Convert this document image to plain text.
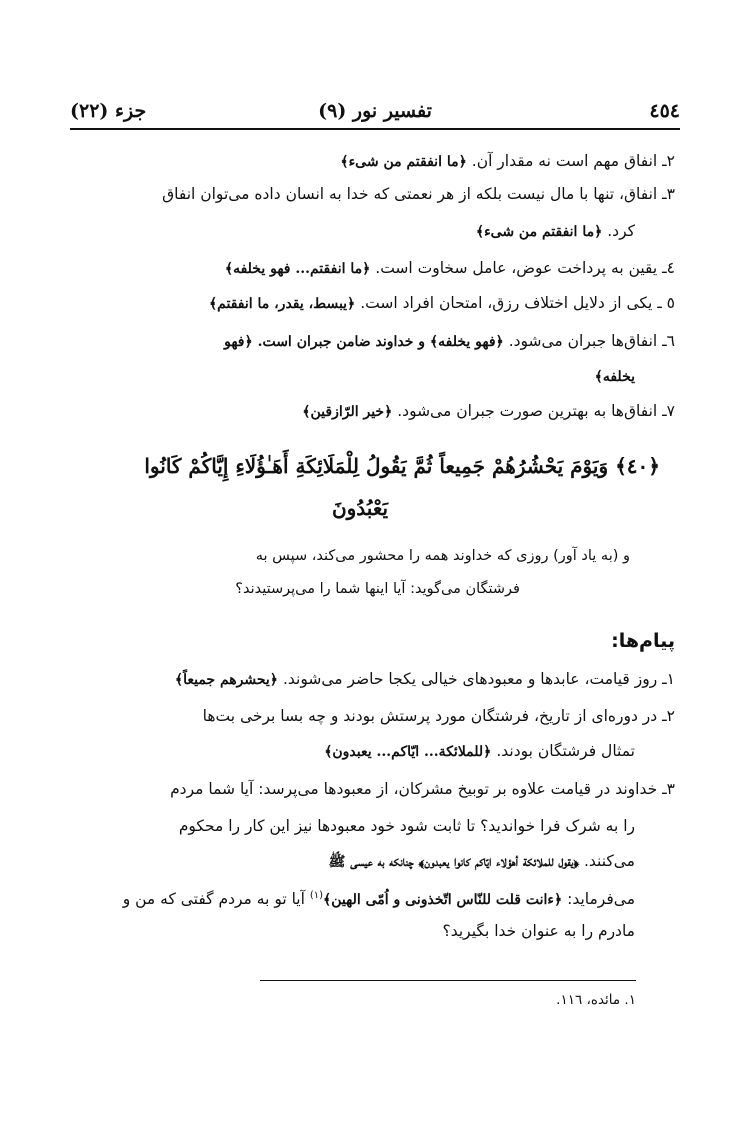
٤٥٤
تفسیر نور (۹)
جزء (۲۲)
۲ـ انفاق مهم است نه مقدار آن. ﴿ما انفقتم من شیء﴾
۳ـ انفاق، تنها با مال نیست بلکه از هر نعمتی که خدا به انسان داده می‌توان انفاق
کرد. ﴿ما انفقتم من شیء﴾
٤ـ یقین به پرداخت عوض، عامل سخاوت است. ﴿ما انفقتم... فهو یخلفه﴾
٥ ـ یکی از دلایل اختلاف رزق، امتحان افراد است. ﴿یبسط، یقدر، ما انفقتم﴾
٦ـ انفاق‌ها جبران می‌شود. ﴿فهو یخلفه﴾ و خداوند ضامن جبران است. ﴿فهو
یخلفه﴾
۷ـ انفاق‌ها به بهترین صورت جبران می‌شود. ﴿خیر الرّازقین﴾
﴿٤٠﴾ وَيَوْمَ يَحْشُرُهُمْ جَمِيعاً ثُمَّ يَقُولُ لِلْمَلَائِكَةِ أَهَـٰؤُلَاءِ إِيَّاكُمْ كَانُوا
يَعْبُدُونَ
و (به یاد آور) روزی که خداوند همه را محشور می‌کند، سپس به
فرشتگان می‌گوید: آیا اینها شما را می‌پرستیدند؟
پیام‌ها:
۱ـ روز قیامت، عابدها و معبودهای خیالی یکجا حاضر می‌شوند. ﴿یحشرهم جمیعاً﴾
۲ـ در دوره‌ای از تاریخ، فرشتگان مورد پرستش بودند و چه بسا برخی بت‌ها
تمثال فرشتگان بودند. ﴿للملائکة... ایّاکم... یعبدون﴾
۳ـ خداوند در قیامت علاوه بر توبیخ مشرکان، از معبودها می‌پرسد: آیا شما مردم
را به شرک فرا خواندید؟ تا ثابت شود خود معبودها نیز این کار را محکوم
می‌کنند. ﴿یقول للملائکة أهؤلاء ایّاکم کانوا یعبدون﴾ چنانکه به عیسی ﷺ
می‌فرماید: ﴿ءانت قلت للنّاس اتّخذونی و اُمّی الهین﴾$^{(۱)}$ آیا تو به مردم گفتی که من و
مادرم را به عنوان خدا بگیرید؟
۱. مائده، ۱۱٦.
